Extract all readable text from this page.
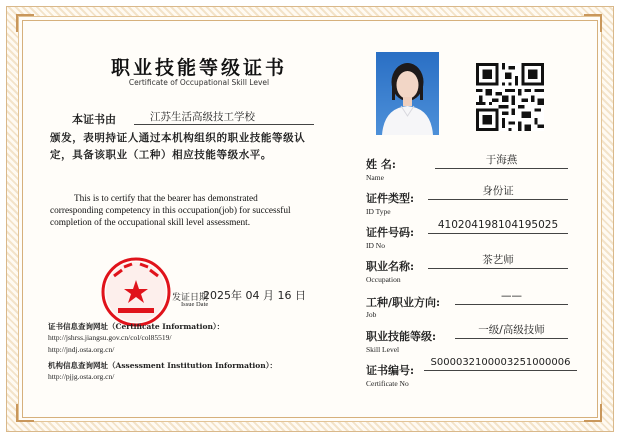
职业技能等级证书
Certificate of Occupational Skill Level
本证书由	江苏生活高级技工学校
颁发，表明持证人通过本机构组织的职业技能等级认定，具备该职业（工种）相应技能等级水平。
This is to certify that the bearer has demonstrated corresponding competency in this occupation(job) for successful completion of the occupational skill level assessment.
发证日期
Issue Date
2025年 04 月 16 日
证书信息查询网址（Certificate Information）：
http://jshrss.jiangsu.gov.cn/col/col85519/
http://jndj.osta.org.cn/
机构信息查询网址（Assessment Institution Information）：
http://pjjg.osta.org.cn/
姓 名:
Name
于海燕
证件类型:
ID Type
身份证
证件号码:
ID No
410204198104195025
职业名称:
Occupation
茶艺师
工种/职业方向:
Job
——
职业技能等级:
Skill Level
一级/高级技师
证书编号:
Certificate No
S000032100003251000006
